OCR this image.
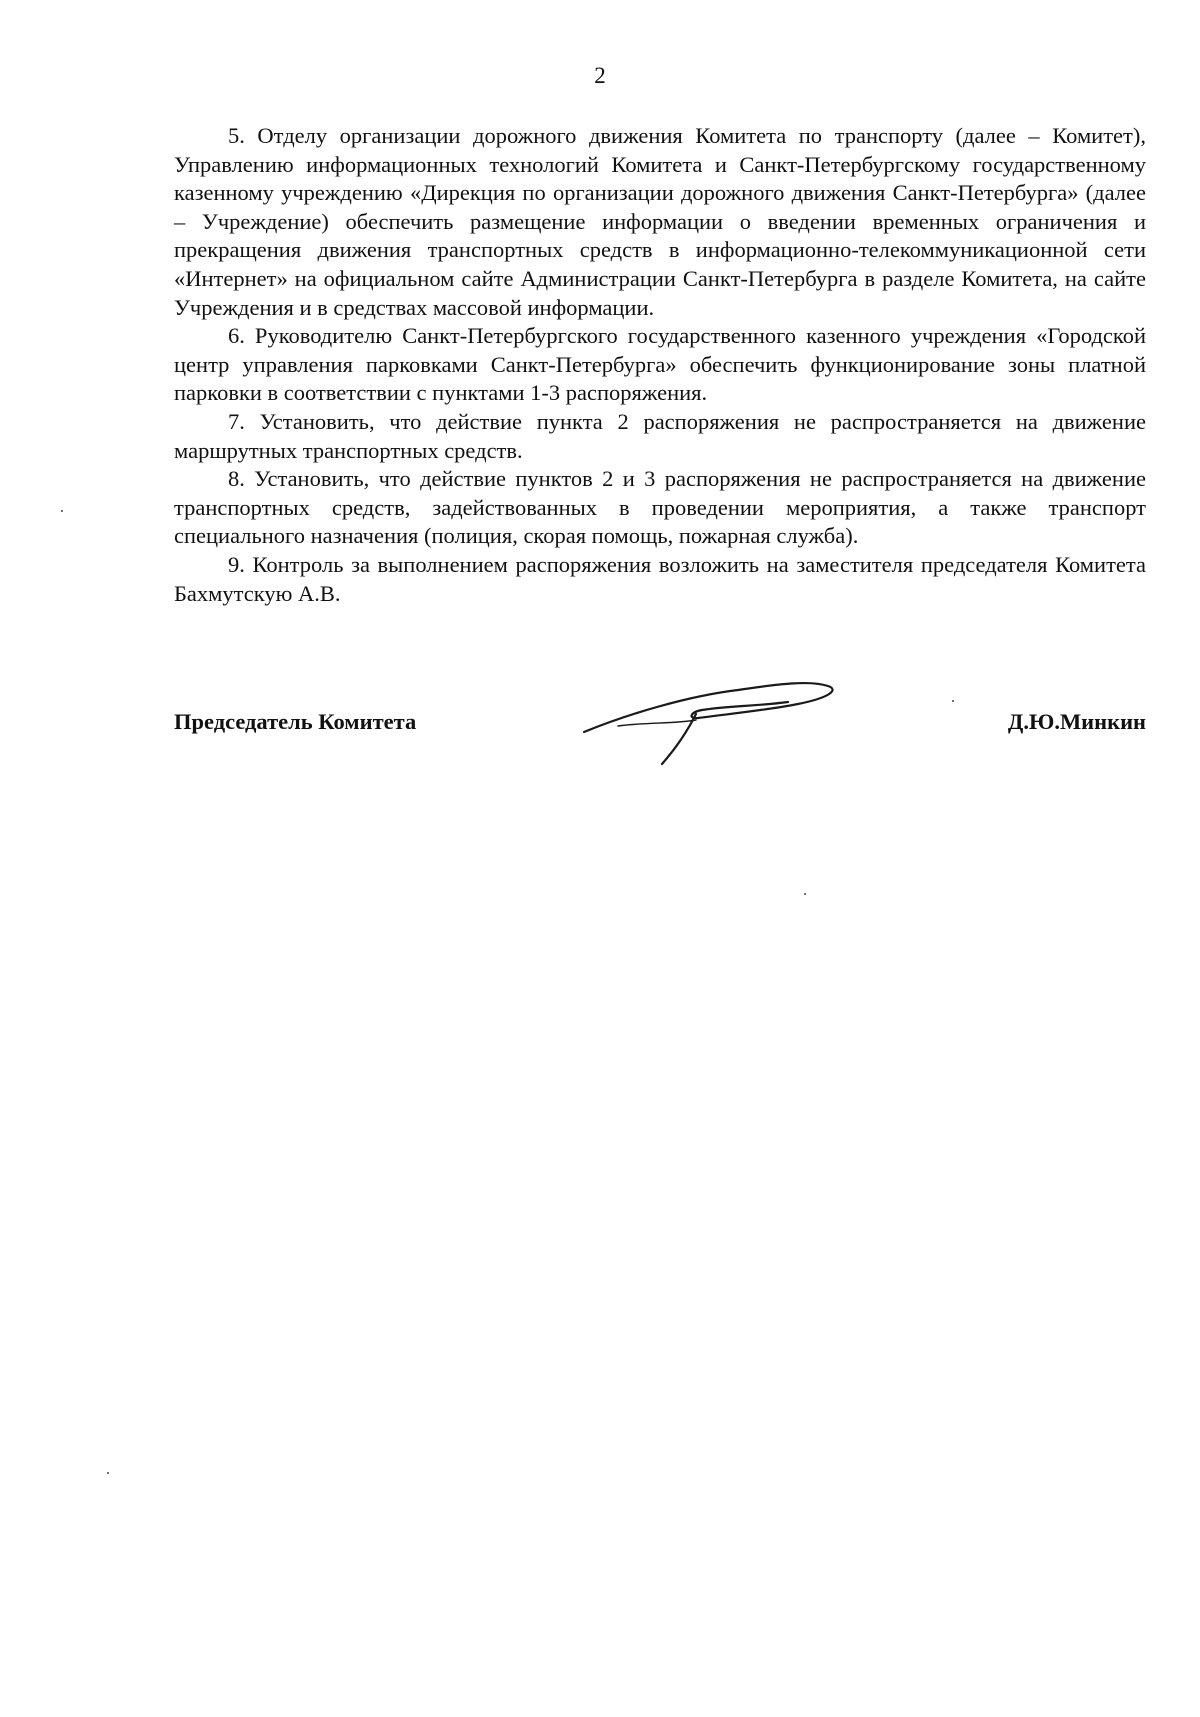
2

5. Отделу организации дорожного движения Комитета по транспорту (далее – Комитет), Управлению информационных технологий Комитета и Санкт-Петербургскому государственному казенному учреждению «Дирекция по организации дорожного движения Санкт-Петербурга» (далее – Учреждение) обеспечить размещение информации о введении временных ограничения и прекращения движения транспортных средств в информационно-телекоммуникационной сети «Интернет» на официальном сайте Администрации Санкт-Петербурга в разделе Комитета, на сайте Учреждения и в средствах массовой информации.

6. Руководителю Санкт-Петербургского государственного казенного учреждения «Городской центр управления парковками Санкт-Петербурга» обеспечить функционирование зоны платной парковки в соответствии с пунктами 1-3 распоряжения.

7. Установить, что действие пункта 2 распоряжения не распространяется на движение маршрутных транспортных средств.

8. Установить, что действие пунктов 2 и 3 распоряжения не распространяется на движение транспортных средств, задействованных в проведении мероприятия, а также транспорт специального назначения (полиция, скорая помощь, пожарная служба).

9. Контроль за выполнением распоряжения возложить на заместителя председателя Комитета Бахмутскую А.В.

Председатель Комитета	Д.Ю.Минкин
